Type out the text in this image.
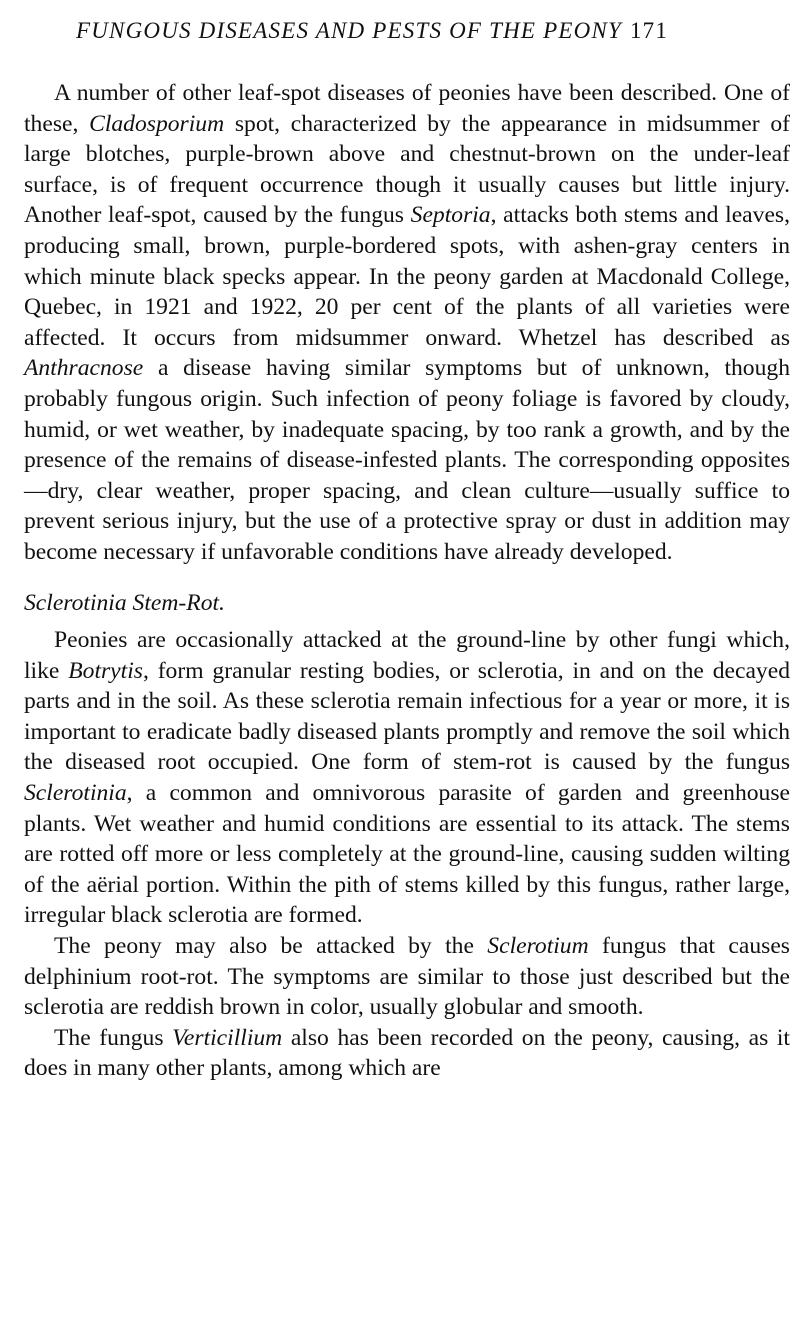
FUNGOUS DISEASES AND PESTS OF THE PEONY 171

A number of other leaf-spot diseases of peonies have been described. One of these, Cladosporium spot, characterized by the appearance in midsummer of large blotches, purple-brown above and chestnut-brown on the under-leaf surface, is of frequent occurrence though it usually causes but little injury. Another leaf-spot, caused by the fungus Septoria, attacks both stems and leaves, producing small, brown, purple-bordered spots, with ashen-gray centers in which minute black specks appear. In the peony garden at Macdonald College, Quebec, in 1921 and 1922, 20 per cent of the plants of all varieties were affected. It occurs from midsummer onward. Whetzel has described as Anthracnose a disease having similar symptoms but of unknown, though probably fungous origin. Such infection of peony foliage is favored by cloudy, humid, or wet weather, by inadequate spacing, by too rank a growth, and by the presence of the remains of disease-infested plants. The corresponding opposites—dry, clear weather, proper spacing, and clean culture—usually suffice to prevent serious injury, but the use of a protective spray or dust in addition may become necessary if unfavorable conditions have already developed.

Sclerotinia Stem-Rot.

Peonies are occasionally attacked at the ground-line by other fungi which, like Botrytis, form granular resting bodies, or sclerotia, in and on the decayed parts and in the soil. As these sclerotia remain infectious for a year or more, it is important to eradicate badly diseased plants promptly and remove the soil which the diseased root occupied. One form of stem-rot is caused by the fungus Sclerotinia, a common and omnivorous parasite of garden and greenhouse plants. Wet weather and humid conditions are essential to its attack. The stems are rotted off more or less completely at the ground-line, causing sudden wilting of the aërial portion. Within the pith of stems killed by this fungus, rather large, irregular black sclerotia are formed.

The peony may also be attacked by the Sclerotium fungus that causes delphinium root-rot. The symptoms are similar to those just described but the sclerotia are reddish brown in color, usually globular and smooth.

The fungus Verticillium also has been recorded on the peony, causing, as it does in many other plants, among which are
